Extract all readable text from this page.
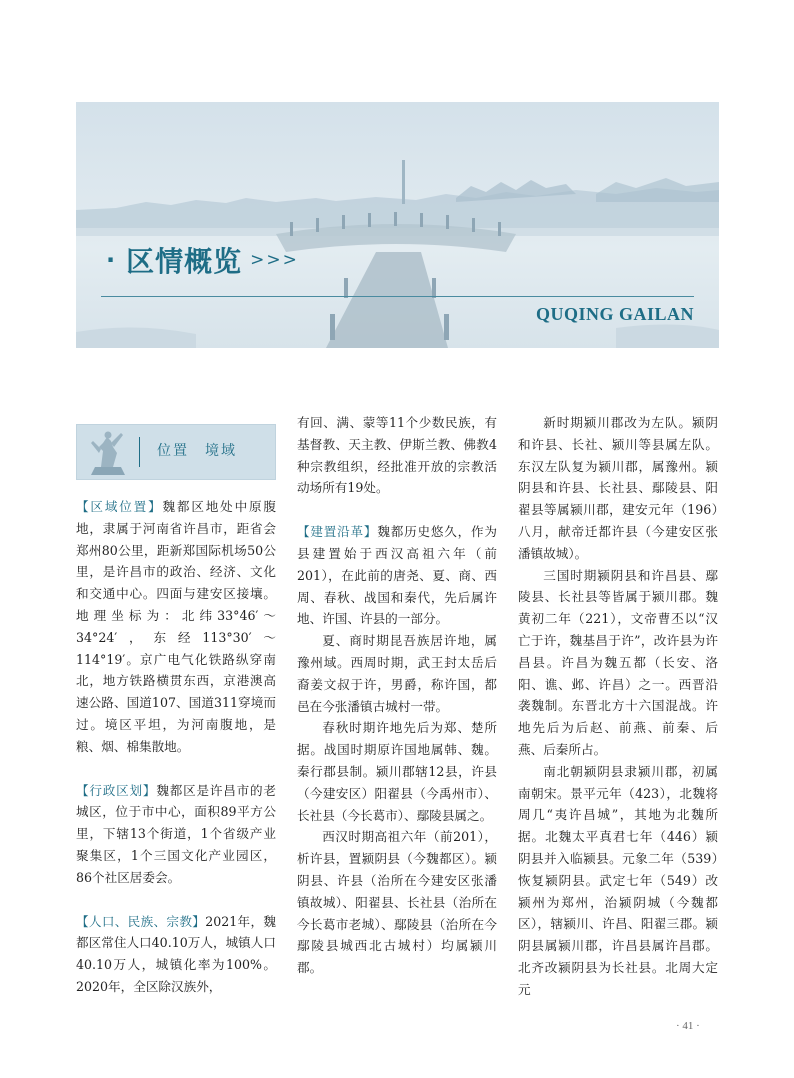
· 区情概览 >>>
QUQING GAILAN
位置　境域

【区域位置】魏都区地处中原腹地，隶属于河南省许昌市，距省会郑州80公里，距新郑国际机场50公里，是许昌市的政治、经济、文化和交通中心。四面与建安区接壤。地理坐标为：北纬33°46′～34°24′，东经113°30′～114°19′。京广电气化铁路纵穿南北，地方铁路横贯东西，京港澳高速公路、国道107、国道311穿境而过。境区平坦，为河南腹地，是粮、烟、棉集散地。

【行政区划】魏都区是许昌市的老城区，位于市中心，面积89平方公里，下辖13个街道，1个省级产业聚集区，1个三国文化产业园区，86个社区居委会。

【人口、民族、宗教】2021年，魏都区常住人口40.10万人，城镇人口40.10万人，城镇化率为100%。2020年，全区除汉族外，

有回、满、蒙等11个少数民族，有基督教、天主教、伊斯兰教、佛教4种宗教组织，经批准开放的宗教活动场所有19处。

【建置沿革】魏都历史悠久，作为县建置始于西汉高祖六年（前201），在此前的唐尧、夏、商、西周、春秋、战国和秦代，先后属许地、许国、许县的一部分。

夏、商时期昆吾族居许地，属豫州域。西周时期，武王封太岳后裔姜文叔于许，男爵，称许国，都邑在今张潘镇古城村一带。

春秋时期许地先后为郑、楚所据。战国时期原许国地属韩、魏。秦行郡县制。颍川郡辖12县，许县（今建安区）阳翟县（今禹州市）、长社县（今长葛市）、鄢陵县属之。

西汉时期高祖六年（前201），析许县，置颍阴县（今魏都区）。颍阴县、许县（治所在今建安区张潘镇故城）、阳翟县、长社县（治所在今长葛市老城）、鄢陵县（治所在今鄢陵县城西北古城村）均属颍川郡。

新时期颍川郡改为左队。颍阴和许县、长社、颍川等县属左队。东汉左队复为颍川郡，属豫州。颍阴县和许县、长社县、鄢陵县、阳翟县等属颍川郡，建安元年（196）八月，献帝迁都许县（今建安区张潘镇故城）。

三国时期颍阴县和许昌县、鄢陵县、长社县等皆属于颍川郡。魏黄初二年（221），文帝曹丕以“汉亡于许，魏基昌于许”，改许县为许昌县。许昌为魏五都（长安、洛阳、谯、邺、许昌）之一。西晋沿袭魏制。东晋北方十六国混战。许地先后为后赵、前燕、前秦、后燕、后秦所占。

南北朝颍阴县隶颍川郡，初属南朝宋。景平元年（423），北魏将周几“夷许昌城”，其地为北魏所据。北魏太平真君七年（446）颍阴县并入临颍县。元象二年（539）恢复颍阴县。武定七年（549）改颍州为郑州，治颍阴城（今魏都区），辖颍川、许昌、阳翟三郡。颍阴县属颍川郡，许昌县属许昌郡。北齐改颍阴县为长社县。北周大定元

· 41 ·
